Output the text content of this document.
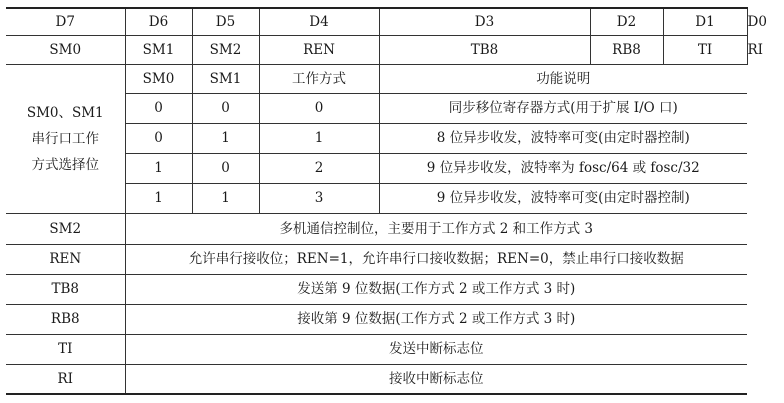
D7	D6	D5	D4	D3	D2	D1	D0
SM0	SM1	SM2	REN	TB8	RB8	TI	RI

SM0、SM1
串行口工作
方式选择位	SM0	SM1	工作方式	功能说明			
	0	0	0	同步移位寄存器方式(用于扩展 I/O 口)			
	0	1	1	8 位异步收发，波特率可变(由定时器控制)			
	1	0	2	9 位异步收发，波特率为 fosc/64 或 fosc/32			
	1	1	3	9 位异步收发，波特率可变(由定时器控制)			
SM2	多机通信控制位，主要用于工作方式 2 和工作方式 3						
REN	允许串行接收位；REN=1，允许串行口接收数据；REN=0，禁止串行口接收数据						
TB8	发送第 9 位数据(工作方式 2 或工作方式 3 时)						
RB8	接收第 9 位数据(工作方式 2 或工作方式 3 时)						
TI	发送中断标志位						
RI	接收中断标志位						
